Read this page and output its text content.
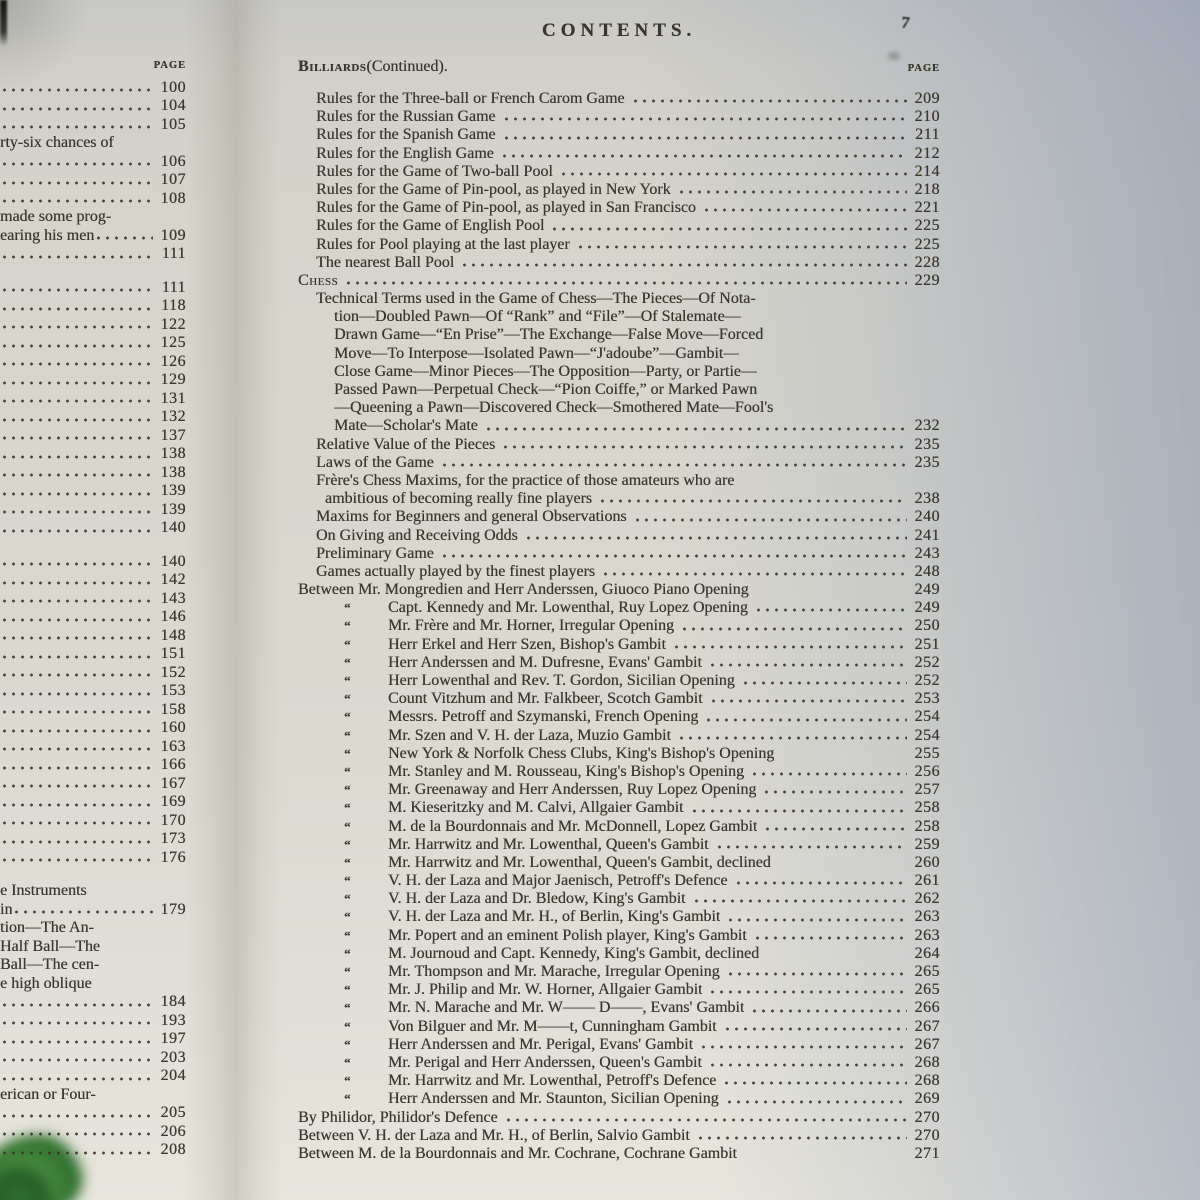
CONTENTS.	7
PAGE
100
104
105
rty-six chances of
106
107
108
made some prog-
earing his men	109
111
111
118
122
125
126
129
131
132
137
138
138
139
139
140
140
142
143
146
148
151
152
153
158
160
163
166
167
169
170
173
176
e Instruments
in	179
tion—The An-
Half Ball—The
Ball—The cen-
e high oblique
184
193
197
203
204
erican or Four-
205
206
208
Billiards (Continued).	PAGE
Rules for the Three-ball or French Carom Game	209
Rules for the Russian Game	210
Rules for the Spanish Game	211
Rules for the English Game	212
Rules for the Game of Two-ball Pool	214
Rules for the Game of Pin-pool, as played in New York	218
Rules for the Game of Pin-pool, as played in San Francisco	221
Rules for the Game of English Pool	225
Rules for Pool playing at the last player	225
The nearest Ball Pool	228
Chess	229
Technical Terms used in the Game of Chess—The Pieces—Of Nota-
tion—Doubled Pawn—Of “Rank” and “File”—Of Stalemate—
Drawn Game—“En Prise”—The Exchange—False Move—Forced
Move—To Interpose—Isolated Pawn—“J'adoube”—Gambit—
Close Game—Minor Pieces—The Opposition—Party, or Partie—
Passed Pawn—Perpetual Check—“Pion Coiffe,” or Marked Pawn
—Queening a Pawn—Discovered Check—Smothered Mate—Fool's
Mate—Scholar's Mate	232
Relative Value of the Pieces	235
Laws of the Game	235
Frère's Chess Maxims, for the practice of those amateurs who are
ambitious of becoming really fine players	238
Maxims for Beginners and general Observations	240
On Giving and Receiving Odds	241
Preliminary Game	243
Games actually played by the finest players	248
Between Mr. Mongredien and Herr Anderssen, Giuoco Piano Opening	249
“	Capt. Kennedy and Mr. Lowenthal, Ruy Lopez Opening	249
“	Mr. Frère and Mr. Horner, Irregular Opening	250
“	Herr Erkel and Herr Szen, Bishop's Gambit	251
“	Herr Anderssen and M. Dufresne, Evans' Gambit	252
“	Herr Lowenthal and Rev. T. Gordon, Sicilian Opening	252
“	Count Vitzhum and Mr. Falkbeer, Scotch Gambit	253
“	Messrs. Petroff and Szymanski, French Opening	254
“	Mr. Szen and V. H. der Laza, Muzio Gambit	254
“	New York & Norfolk Chess Clubs, King's Bishop's Opening	255
“	Mr. Stanley and M. Rousseau, King's Bishop's Opening	256
“	Mr. Greenaway and Herr Anderssen, Ruy Lopez Opening	257
“	M. Kieseritzky and M. Calvi, Allgaier Gambit	258
“	M. de la Bourdonnais and Mr. McDonnell, Lopez Gambit	258
“	Mr. Harrwitz and Mr. Lowenthal, Queen's Gambit	259
“	Mr. Harrwitz and Mr. Lowenthal, Queen's Gambit, declined	260
“	V. H. der Laza and Major Jaenisch, Petroff's Defence	261
“	V. H. der Laza and Dr. Bledow, King's Gambit	262
“	V. H. der Laza and Mr. H., of Berlin, King's Gambit	263
“	Mr. Popert and an eminent Polish player, King's Gambit	263
“	M. Journoud and Capt. Kennedy, King's Gambit, declined	264
“	Mr. Thompson and Mr. Marache, Irregular Opening	265
“	Mr. J. Philip and Mr. W. Horner, Allgaier Gambit	265
“	Mr. N. Marache and Mr. W—— D——, Evans' Gambit	266
“	Von Bilguer and Mr. M——t, Cunningham Gambit	267
“	Herr Anderssen and Mr. Perigal, Evans' Gambit	267
“	Mr. Perigal and Herr Anderssen, Queen's Gambit	268
“	Mr. Harrwitz and Mr. Lowenthal, Petroff's Defence	268
“	Herr Anderssen and Mr. Staunton, Sicilian Opening	269
By Philidor, Philidor's Defence	270
Between V. H. der Laza and Mr. H., of Berlin, Salvio Gambit	270
Between M. de la Bourdonnais and Mr. Cochrane, Cochrane Gambit	271
